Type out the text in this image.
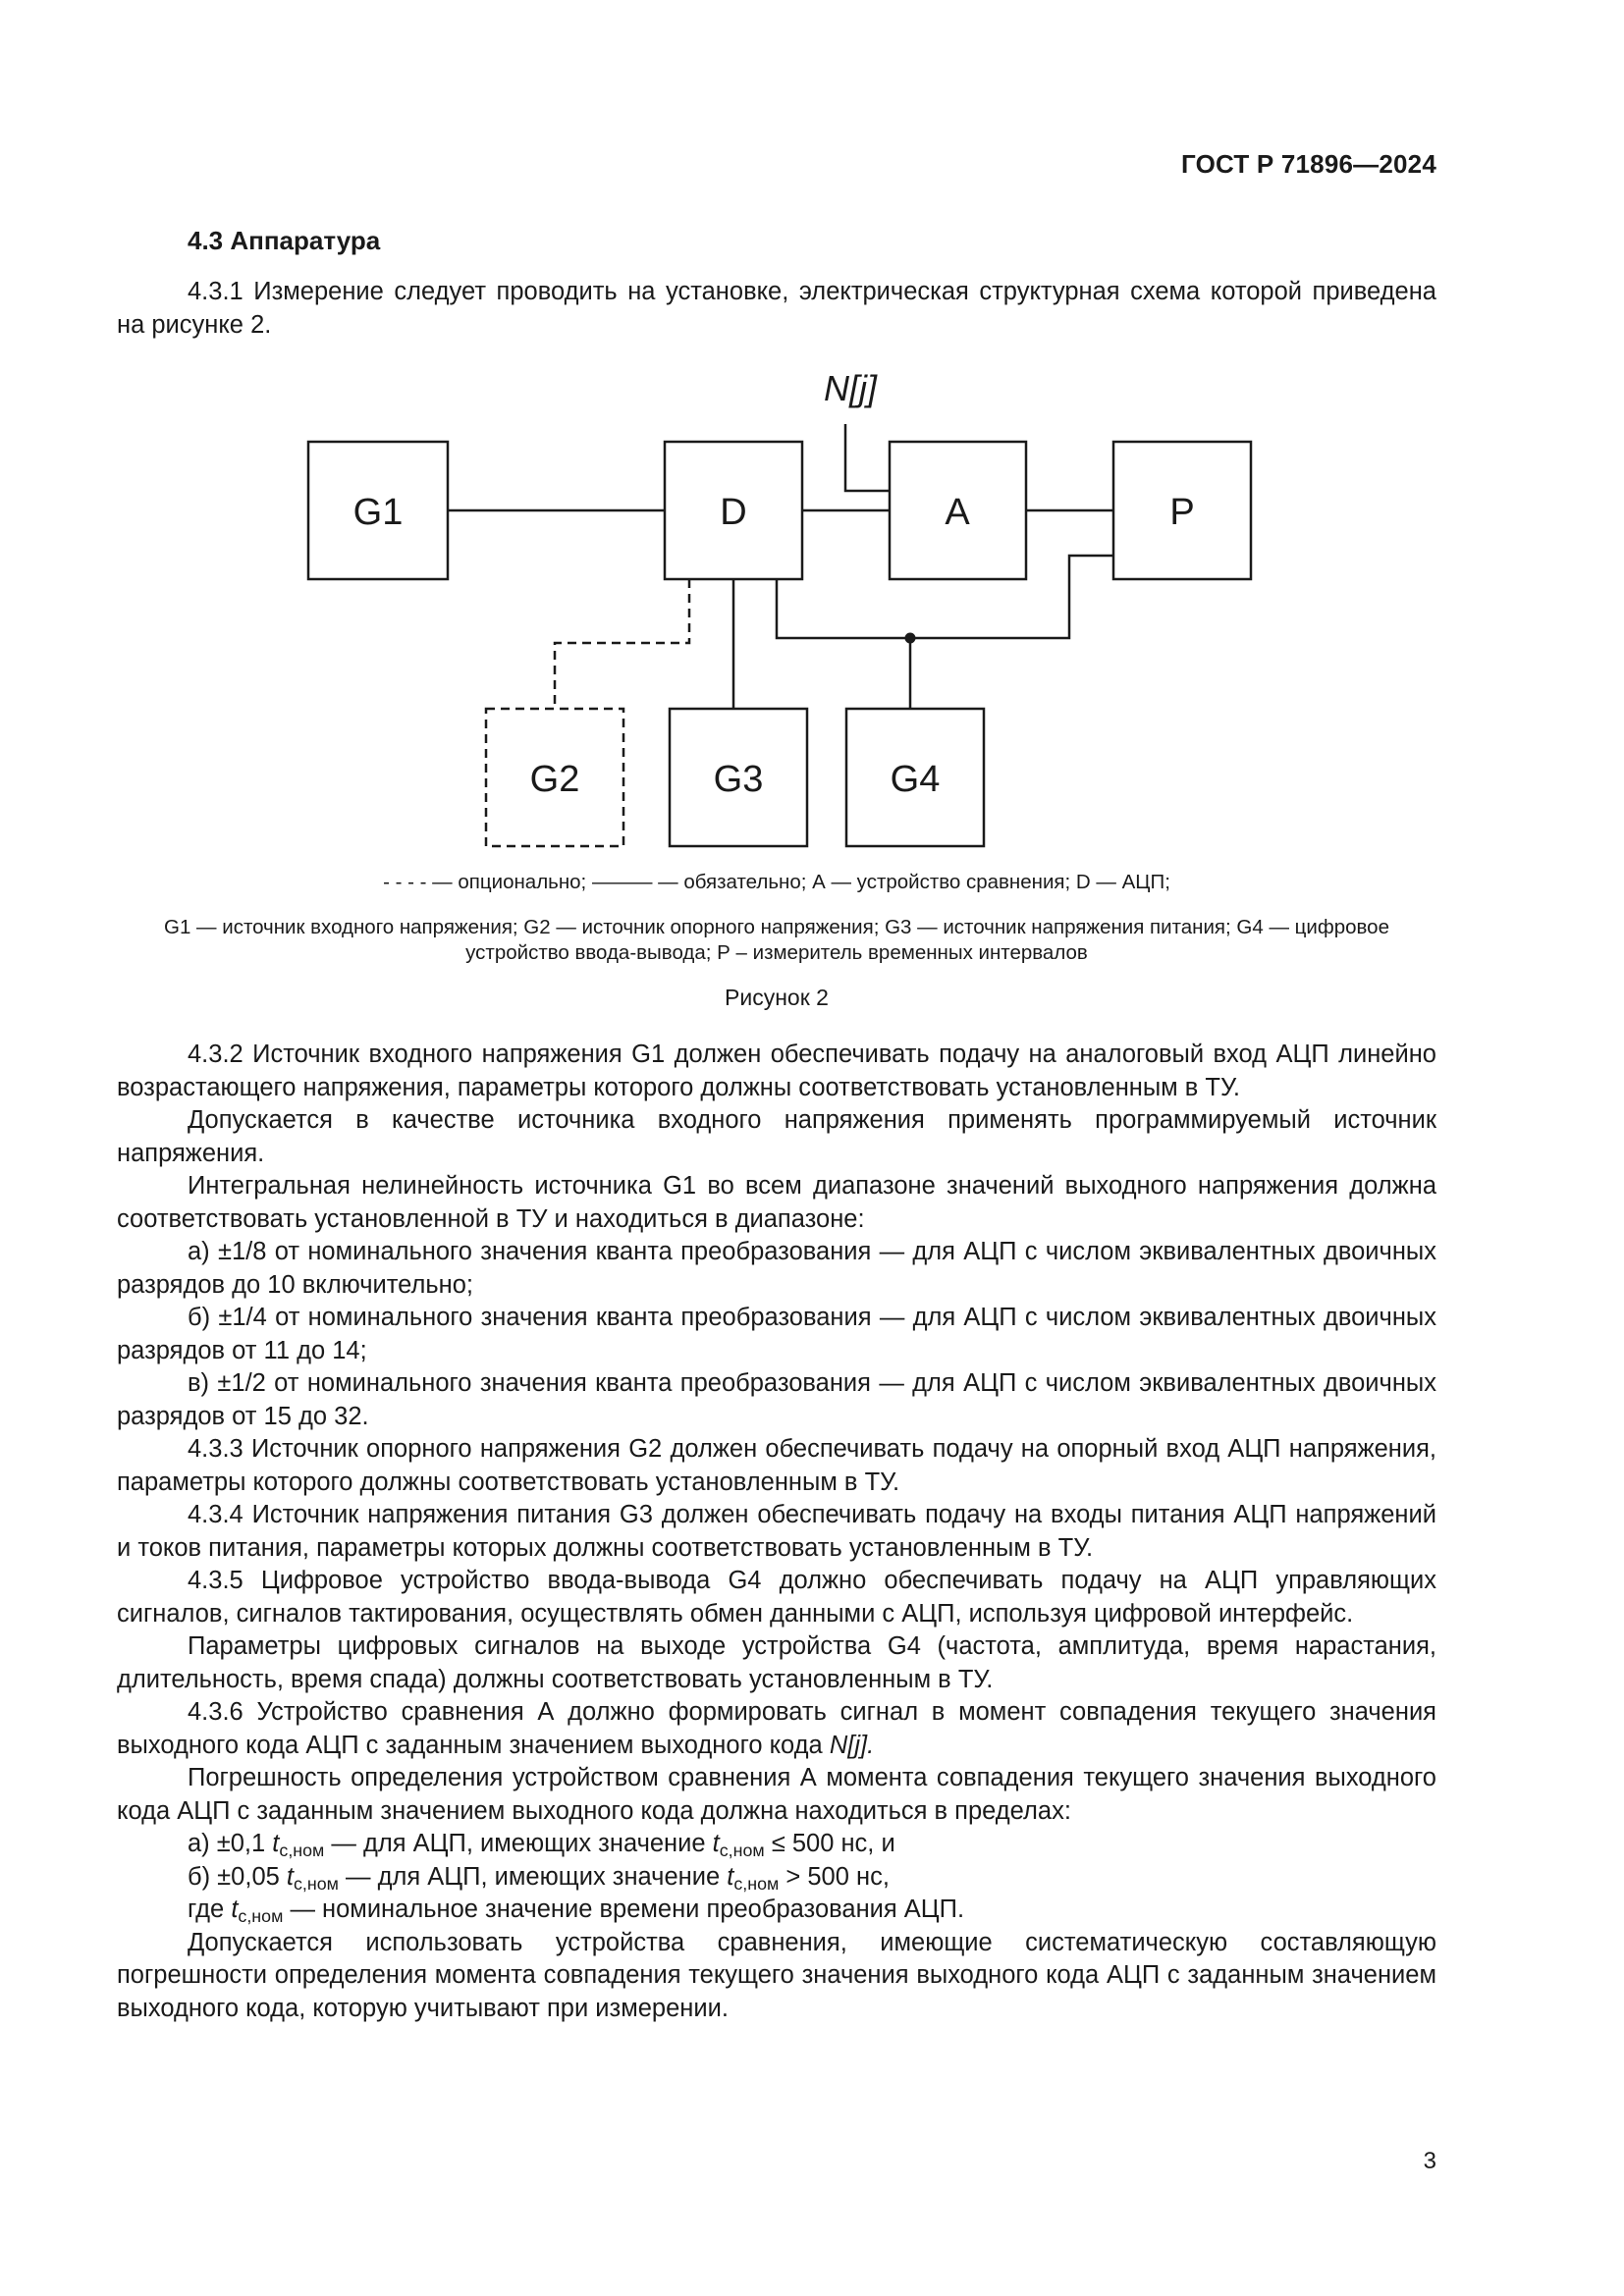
ГОСТ Р 71896—2024
4.3 Аппаратура

4.3.1 Измерение следует проводить на установке, электрическая структурная схема которой приведена на рисунке 2.

G1	D	A	P
G2	G3	G4
N[j]
- - - - — опционально; ——— — обязательно; А — устройство сравнения; D — АЦП;
G1 — источник входного напряжения; G2 — источник опорного напряжения; G3 — источник напряжения питания; G4 — цифровое устройство ввода-вывода; Р – измеритель временных интервалов
Рисунок 2

4.3.2 Источник входного напряжения G1 должен обеспечивать подачу на аналоговый вход АЦП линейно возрастающего напряжения, параметры которого должны соответствовать установленным в ТУ.

Допускается в качестве источника входного напряжения применять программируемый источник напряжения.

Интегральная нелинейность источника G1 во всем диапазоне значений выходного напряжения должна соответствовать установленной в ТУ и находиться в диапазоне:

а) ±1/8 от номинального значения кванта преобразования — для АЦП с числом эквивалентных двоичных разрядов до 10 включительно;

б) ±1/4 от номинального значения кванта преобразования — для АЦП с числом эквивалентных двоичных разрядов от 11 до 14;

в) ±1/2 от номинального значения кванта преобразования — для АЦП с числом эквивалентных двоичных разрядов от 15 до 32.

4.3.3 Источник опорного напряжения G2 должен обеспечивать подачу на опорный вход АЦП напряжения, параметры которого должны соответствовать установленным в ТУ.

4.3.4 Источник напряжения питания G3 должен обеспечивать подачу на входы питания АЦП напряжений и токов питания, параметры которых должны соответствовать установленным в ТУ.

4.3.5 Цифровое устройство ввода-вывода G4 должно обеспечивать подачу на АЦП управляющих сигналов, сигналов тактирования, осуществлять обмен данными с АЦП, используя цифровой интерфейс.

Параметры цифровых сигналов на выходе устройства G4 (частота, амплитуда, время нарастания, длительность, время спада) должны соответствовать установленным в ТУ.

4.3.6 Устройство сравнения А должно формировать сигнал в момент совпадения текущего значения выходного кода АЦП с заданным значением выходного кода N[j].

Погрешность определения устройством сравнения А момента совпадения текущего значения выходного кода АЦП с заданным значением выходного кода должна находиться в пределах:

а) ±0,1 $t_{с,ном}$ — для АЦП, имеющих значение $t_{с,ном} \le 500$ нс, и

б) ±0,05 $t_{с,ном}$ — для АЦП, имеющих значение $t_{с,ном} > 500$ нс,

где $t_{с,ном}$ — номинальное значение времени преобразования АЦП.

Допускается использовать устройства сравнения, имеющие систематическую составляющую погрешности определения момента совпадения текущего значения выходного кода АЦП с заданным значением выходного кода, которую учитывают при измерении.

3
